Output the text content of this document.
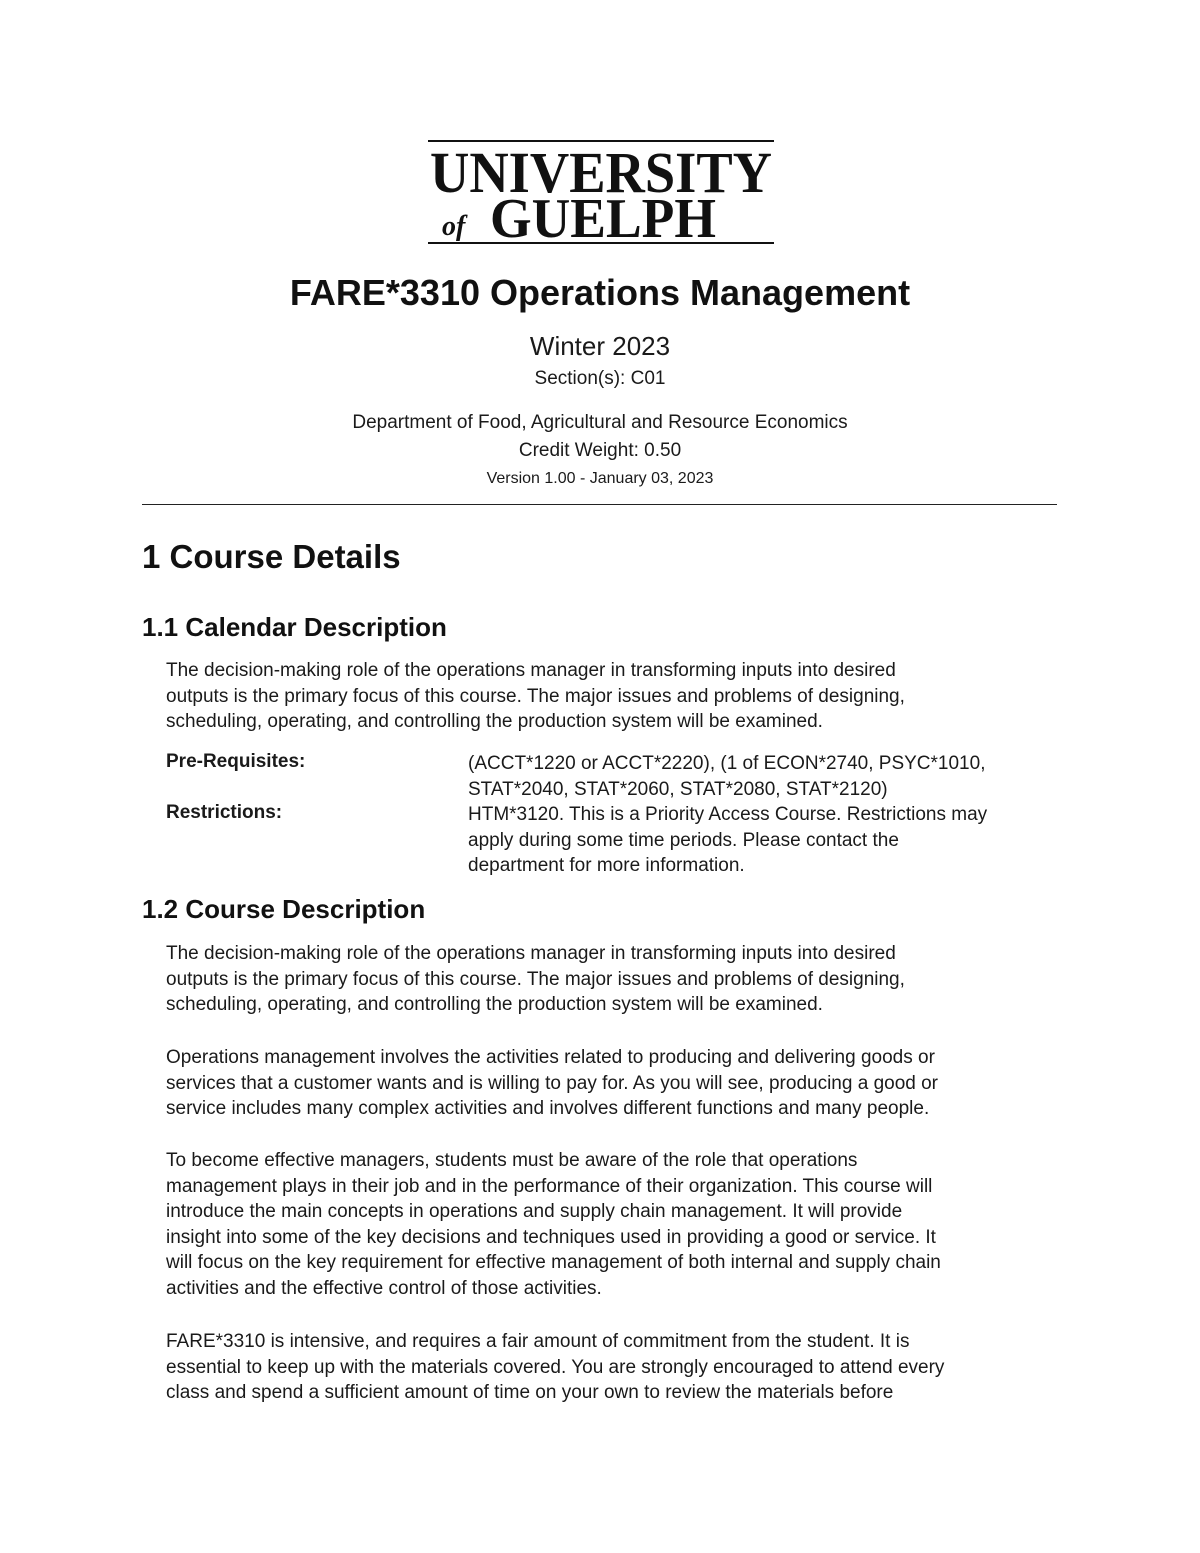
UNIVERSITY
of GUELPH
FARE*3310 Operations Management
Winter 2023
Section(s): C01
Department of Food, Agricultural and Resource Economics
Credit Weight: 0.50
Version 1.00 - January 03, 2023
1 Course Details
1.1 Calendar Description
The decision-making role of the operations manager in transforming inputs into desired
outputs is the primary focus of this course. The major issues and problems of designing,
scheduling, operating, and controlling the production system will be examined.
Pre-Requisites:	(ACCT*1220 or ACCT*2220), (1 of ECON*2740, PSYC*1010,
STAT*2040, STAT*2060, STAT*2080, STAT*2120)
Restrictions:	HTM*3120. This is a Priority Access Course. Restrictions may
apply during some time periods. Please contact the
department for more information.
1.2 Course Description
The decision-making role of the operations manager in transforming inputs into desired
outputs is the primary focus of this course. The major issues and problems of designing,
scheduling, operating, and controlling the production system will be examined.
Operations management involves the activities related to producing and delivering goods or
services that a customer wants and is willing to pay for. As you will see, producing a good or
service includes many complex activities and involves different functions and many people.
To become effective managers, students must be aware of the role that operations
management plays in their job and in the performance of their organization. This course will
introduce the main concepts in operations and supply chain management. It will provide
insight into some of the key decisions and techniques used in providing a good or service. It
will focus on the key requirement for effective management of both internal and supply chain
activities and the effective control of those activities.
FARE*3310 is intensive, and requires a fair amount of commitment from the student. It is
essential to keep up with the materials covered. You are strongly encouraged to attend every
class and spend a sufficient amount of time on your own to review the materials before
